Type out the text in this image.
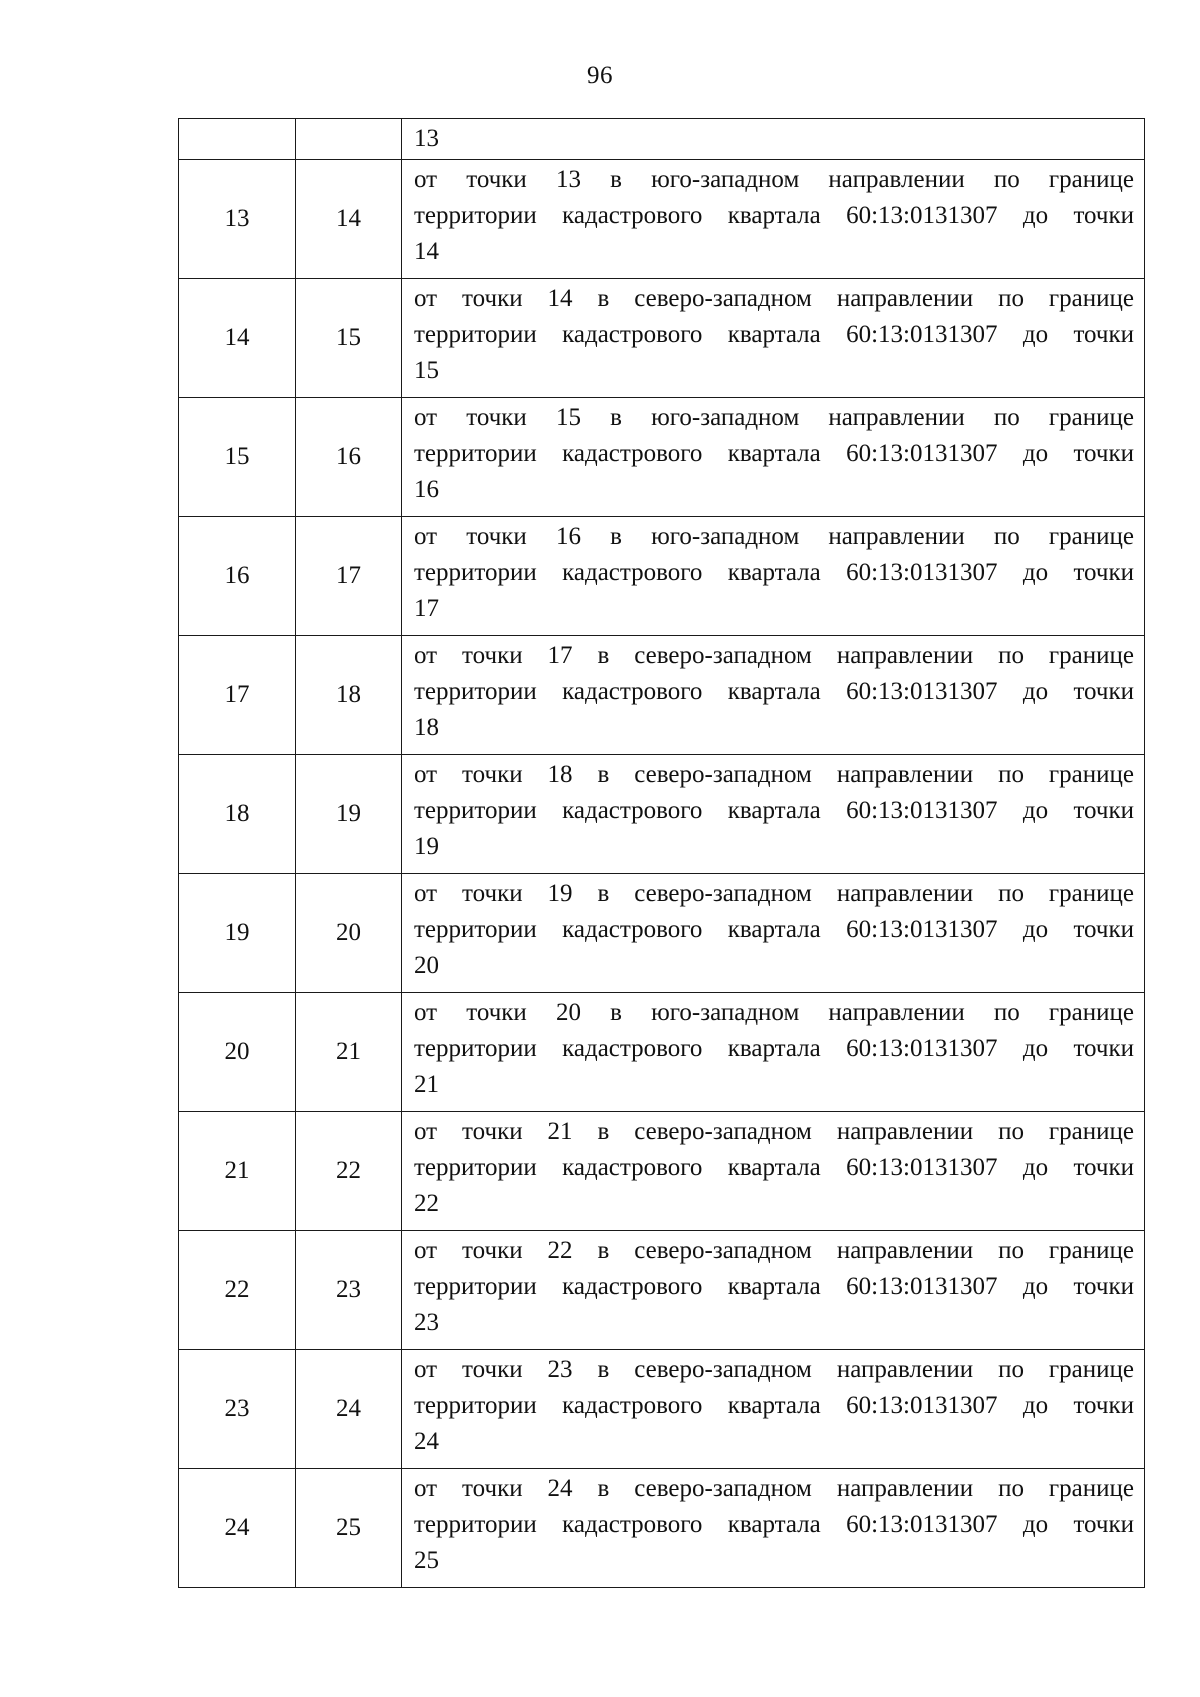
96
		13
13	14	от точки 13 в юго-западном направлении по границе
территории кадастрового квартала 60:13:0131307 до точки
14

14	15	от точки 14 в северо-западном направлении по границе
территории кадастрового квартала 60:13:0131307 до точки
15

15	16	от точки 15 в юго-западном направлении по границе
территории кадастрового квартала 60:13:0131307 до точки
16

16	17	от точки 16 в юго-западном направлении по границе
территории кадастрового квартала 60:13:0131307 до точки
17

17	18	от точки 17 в северо-западном направлении по границе
территории кадастрового квартала 60:13:0131307 до точки
18

18	19	от точки 18 в северо-западном направлении по границе
территории кадастрового квартала 60:13:0131307 до точки
19

19	20	от точки 19 в северо-западном направлении по границе
территории кадастрового квартала 60:13:0131307 до точки
20

20	21	от точки 20 в юго-западном направлении по границе
территории кадастрового квартала 60:13:0131307 до точки
21

21	22	от точки 21 в северо-западном направлении по границе
территории кадастрового квартала 60:13:0131307 до точки
22

22	23	от точки 22 в северо-западном направлении по границе
территории кадастрового квартала 60:13:0131307 до точки
23

23	24	от точки 23 в северо-западном направлении по границе
территории кадастрового квартала 60:13:0131307 до точки
24

24	25	от точки 24 в северо-западном направлении по границе
территории кадастрового квартала 60:13:0131307 до точки
25
